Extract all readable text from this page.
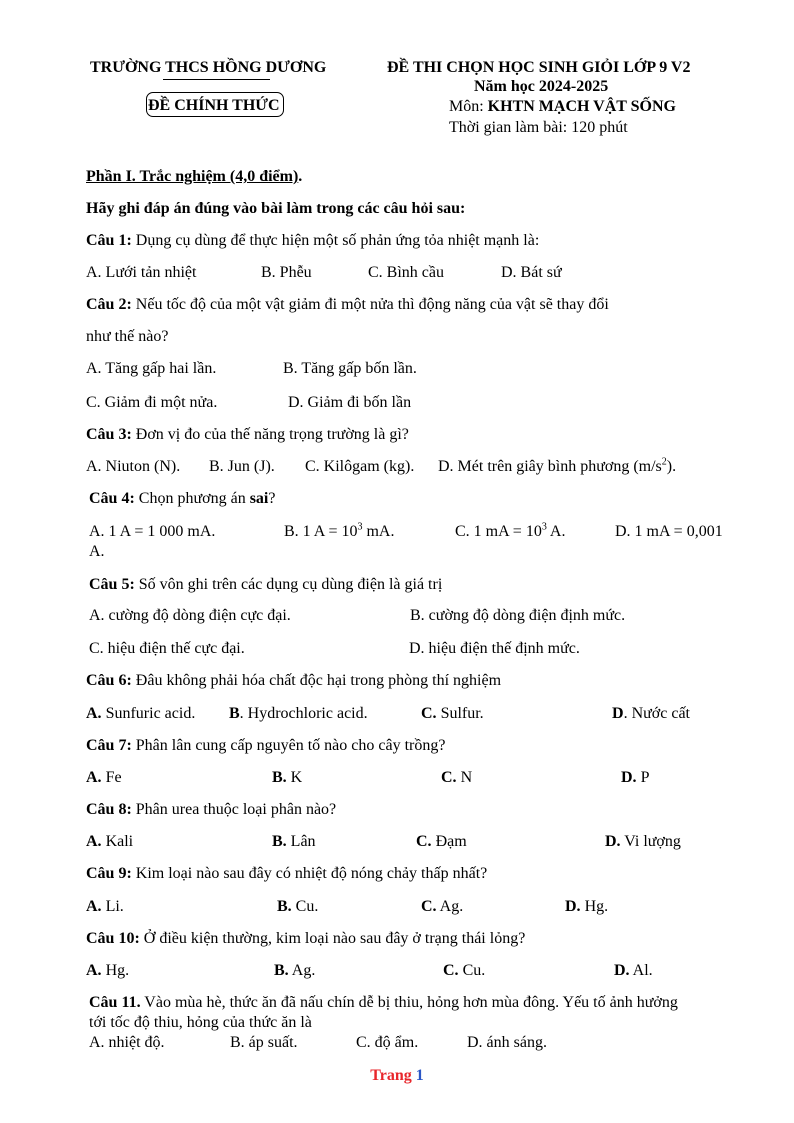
TRƯỜNG THCS HỒNG DƯƠNG
ĐỀ CHÍNH THỨC
ĐỀ THI CHỌN HỌC SINH GIỎI LỚP 9 V2
Năm học 2024-2025
Môn: KHTN MẠCH VẬT SỐNG
Thời gian làm bài: 120 phút
Phần I. Trắc nghiệm (4,0 điểm).
Hãy ghi đáp án đúng vào bài làm trong các câu hỏi sau:
Câu 1: Dụng cụ dùng để thực hiện một số phản ứng tỏa nhiệt mạnh là:
A. Lưới tản nhiệt	B. Phễu	C. Bình cầu	D. Bát sứ
Câu 2: Nếu tốc độ của một vật giảm đi một nửa thì động năng của vật sẽ thay đổi
như thế nào?
A. Tăng gấp hai lần.	B. Tăng gấp bốn lần.
C. Giảm đi một nửa.	D. Giảm đi bốn lần
Câu 3: Đơn vị đo của thế năng trọng trường là gì?
A. Niuton (N). B. Jun (J). C. Kilôgam (kg). D. Mét trên giây bình phương $(m/s^2)$.
Câu 4: Chọn phương án sai?
A. 1 A = 1 000 mA.	B. 1 $A = 10^3$ mA.	C. 1 mA = $10^3$ A.	D. 1 mA = 0,001
A.
Câu 5: Số vôn ghi trên các dụng cụ dùng điện là giá trị
A. cường độ dòng điện cực đại.	B. cường độ dòng điện định mức.
C. hiệu điện thế cực đại.	D. hiệu điện thế định mức.
Câu 6: Đâu không phải hóa chất độc hại trong phòng thí nghiệm
A. Sunfuric acid. B. Hydrochloric acid.	C. Sulfur.	D. Nước cất
Câu 7: Phân lân cung cấp nguyên tố nào cho cây trồng?
A. Fe	B. K	C. N	D. P
Câu 8: Phân urea thuộc loại phân nào?
A. Kali	B. Lân	C. Đạm	D. Vi lượng
Câu 9: Kim loại nào sau đây có nhiệt độ nóng chảy thấp nhất?
A. Li.	B. Cu.	C. Ag.	D. Hg.
Câu 10: Ở điều kiện thường, kim loại nào sau đây ở trạng thái lỏng?
A. Hg.	B. Ag.	C. Cu.	D. Al.
Câu 11. Vào mùa hè, thức ăn đã nấu chín dễ bị thiu, hỏng hơn mùa đông. Yếu tố ảnh hưởng
tới tốc độ thiu, hỏng của thức ăn là
A. nhiệt độ.	B. áp suất.	C. độ ẩm.	D. ánh sáng.
Trang 1
